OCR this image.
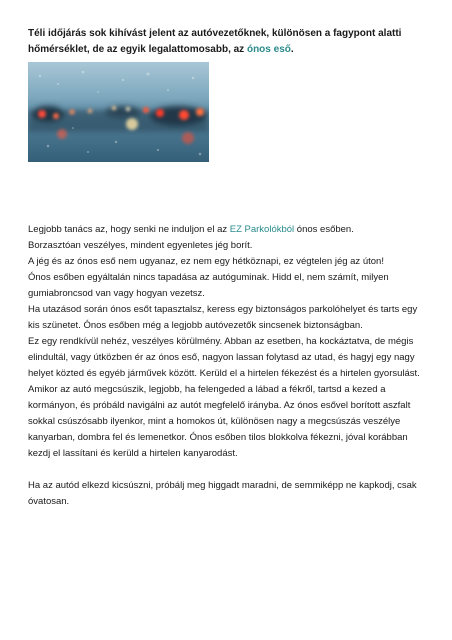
Téli időjárás sok kihívást jelent az autóvezetőknek, különösen a fagypont alatti hőmérséklet, de az egyik legalattomosabb, az ónos eső.

Legjobb tanács az, hogy senki ne induljon el az EZ Parkolókból ónos esőben.

Borzasztóan veszélyes, mindent egyenletes jég borít.

A jég és az ónos eső nem ugyanaz, ez nem egy hétköznapi, ez végtelen jég az úton!

Ónos esőben egyáltalán nincs tapadása az autóguminak. Hidd el, nem számít, milyen gumiabroncsod van vagy hogyan vezetsz.

Ha utazásod során ónos esőt tapasztalsz, keress egy biztonságos parkolóhelyet és tarts egy kis szünetet. Ónos esőben még a legjobb autóvezetők sincsenek biztonságban.

Ez egy rendkívül nehéz, veszélyes körülmény. Abban az esetben, ha kockáztatva, de mégis elindultál, vagy útközben ér az ónos eső, nagyon lassan folytasd az utad, és hagyj egy nagy helyet közted és egyéb járművek között. Kerüld el a hirtelen fékezést és a hirtelen gyorsulást. Amikor az autó megcsúszik, legjobb, ha felengeded a lábad a fékről, tartsd a kezed a kormányon, és próbáld navigálni az autót megfelelő irányba. Az ónos esővel borított aszfalt sokkal csúszósabb ilyenkor, mint a homokos út, különösen nagy a megcsúszás veszélye kanyarban, dombra fel és lemenetkor. Ónos esőben tilos blokkolva fékezni, jóval korábban kezdj el lassítani és kerüld a hirtelen kanyarodást.

Ha az autód elkezd kicsúszni, próbálj meg higgadt maradni, de semmiképp ne kapkodj, csak óvatosan.
